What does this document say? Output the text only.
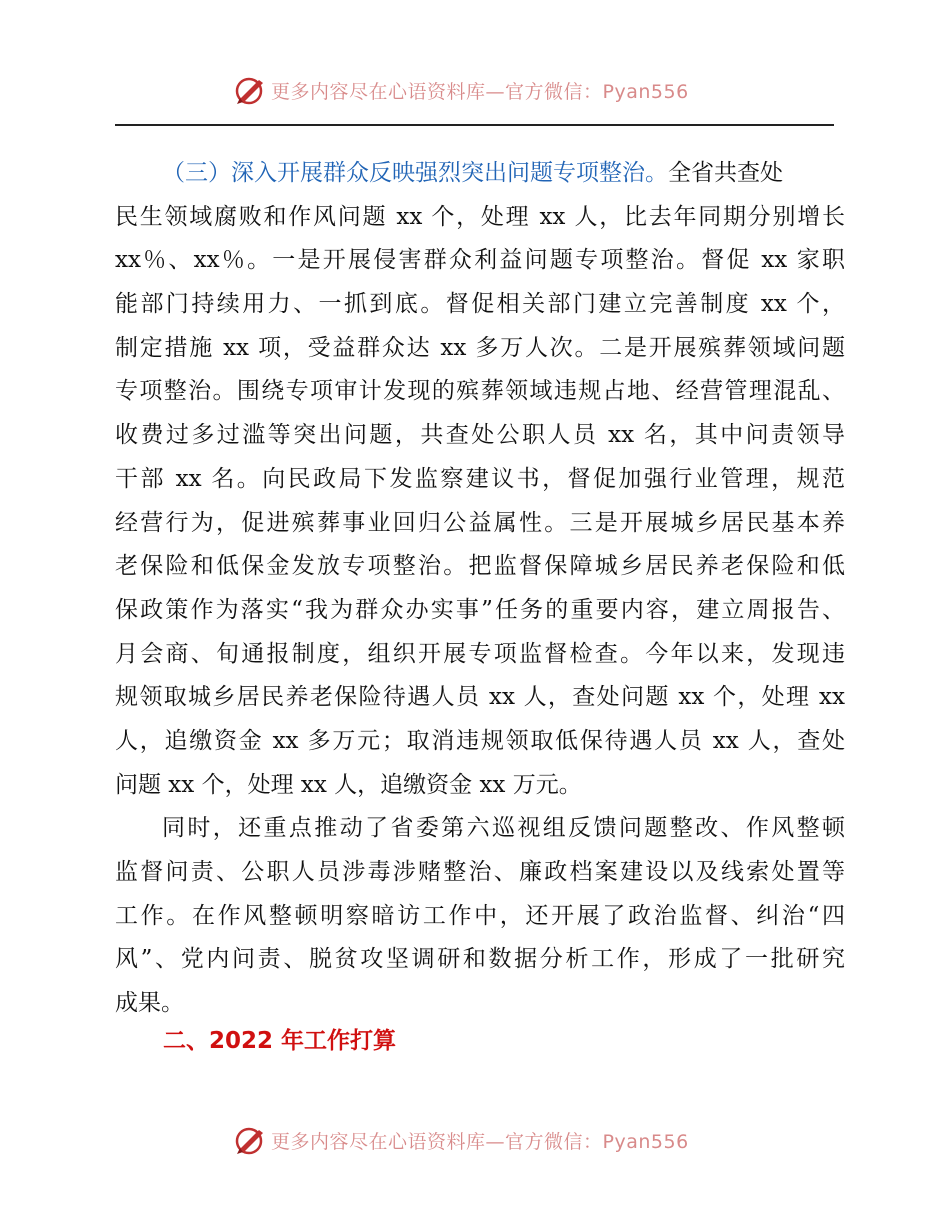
更多内容尽在心语资料库—官方微信：Pyan556
（三）深入开展群众反映强烈突出问题专项整治。全省共查处
民生领域腐败和作风问题 xx 个，处理 xx 人，比去年同期分别增长
xx％、xx％。一是开展侵害群众利益问题专项整治。督促 xx 家职
能部门持续用力、一抓到底。督促相关部门建立完善制度 xx 个，
制定措施 xx 项，受益群众达 xx 多万人次。二是开展殡葬领域问题
专项整治。围绕专项审计发现的殡葬领域违规占地、经营管理混乱、
收费过多过滥等突出问题，共查处公职人员 xx 名，其中问责领导
干部 xx 名。向民政局下发监察建议书，督促加强行业管理，规范
经营行为，促进殡葬事业回归公益属性。三是开展城乡居民基本养
老保险和低保金发放专项整治。把监督保障城乡居民养老保险和低
保政策作为落实“我为群众办实事”任务的重要内容，建立周报告、
月会商、旬通报制度，组织开展专项监督检查。今年以来，发现违
规领取城乡居民养老保险待遇人员 xx 人，查处问题 xx 个，处理 xx
人，追缴资金 xx 多万元；取消违规领取低保待遇人员 xx 人，查处
问题 xx 个，处理 xx 人，追缴资金 xx 万元。
同时，还重点推动了省委第六巡视组反馈问题整改、作风整顿
监督问责、公职人员涉毒涉赌整治、廉政档案建设以及线索处置等
工作。在作风整顿明察暗访工作中，还开展了政治监督、纠治“四
风”、党内问责、脱贫攻坚调研和数据分析工作，形成了一批研究
成果。
二、2022 年工作打算
更多内容尽在心语资料库—官方微信：Pyan556
